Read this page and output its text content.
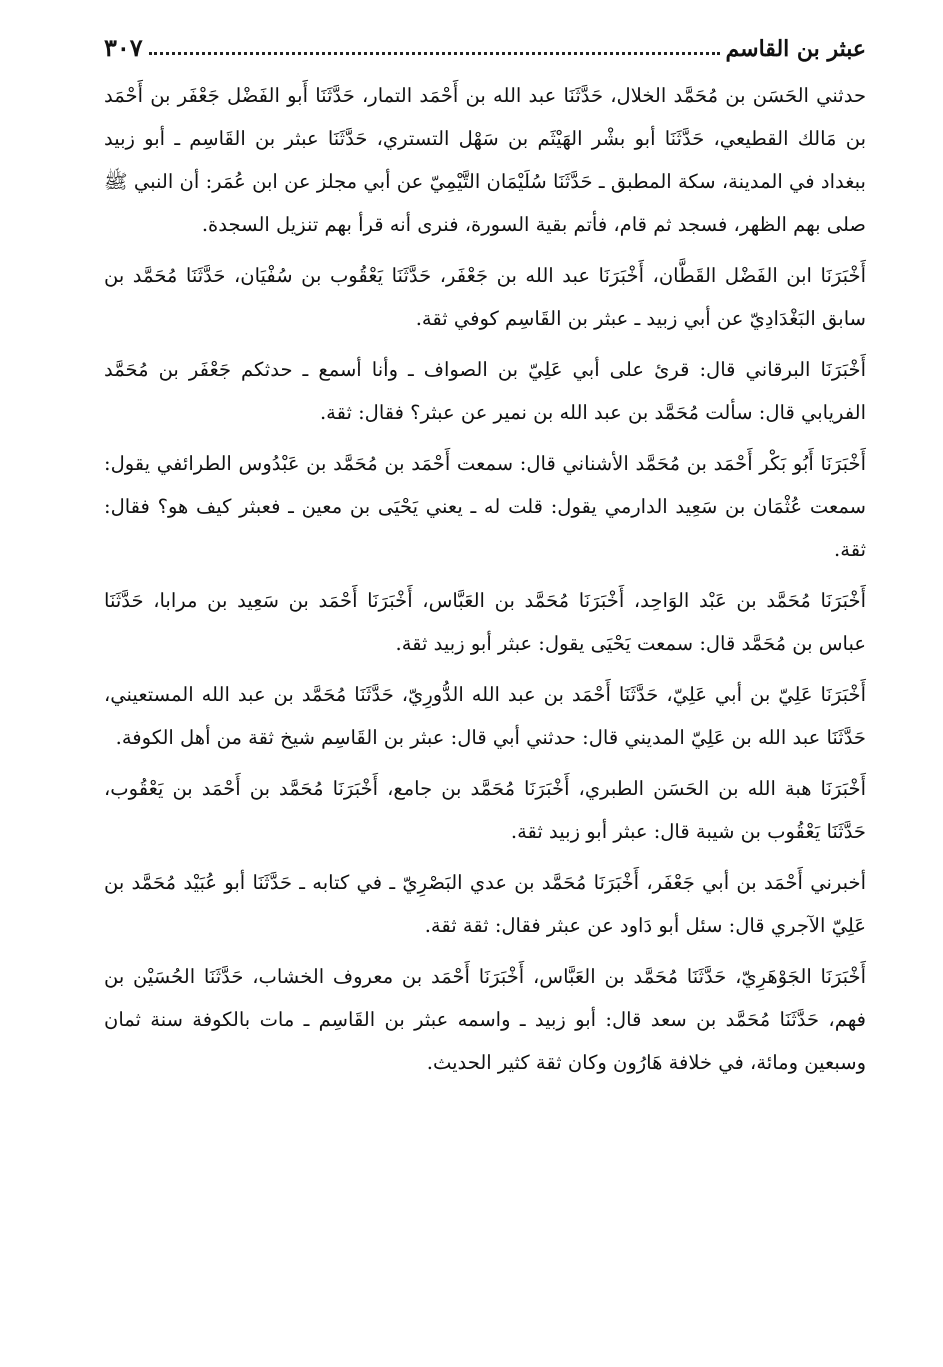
عبثر بن القاسم
٣٠٧

حدثني الحَسَن بن مُحَمَّد الخلال، حَدَّثَنَا عبد الله بن أَحْمَد التمار، حَدَّثَنَا أَبو الفَضْل جَعْفَر بن أَحْمَد بن مَالك القطيعي، حَدَّثَنَا أبو بشْر الهَيْثَم بن سَهْل التستري، حَدَّثَنَا عبثر بن القَاسِم ـ أبو زبيد ببغداد في المدينة، سكة المطبق ـ حَدَّثَنَا سُلَيْمَان التَّيْمِيّ عن أبي مجلز عن ابن عُمَر: أن النبي ﷺ صلى بهم الظهر، فسجد ثم قام، فأتم بقية السورة، فنرى أنه قرأ بهم تنزيل السجدة.

أَخْبَرَنَا ابن الفَضْل القَطَّان، أَخْبَرَنَا عبد الله بن جَعْفَر، حَدَّثَنَا يَعْقُوب بن سُفْيَان، حَدَّثَنَا مُحَمَّد بن سابق البَغْدَادِيّ عن أبي زبيد ـ عبثر بن القَاسِم كوفي ثقة.

أَخْبَرَنَا البرقاني قال: قرئ على أبي عَلِيّ بن الصواف ـ وأنا أسمع ـ حدثكم جَعْفَر بن مُحَمَّد الفريابي قال: سألت مُحَمَّد بن عبد الله بن نمير عن عبثر؟ فقال: ثقة.

أَخْبَرَنَا أَبُو بَكْر أَحْمَد بن مُحَمَّد الأشناني قال: سمعت أَحْمَد بن مُحَمَّد بن عَبْدُوس الطرائفي يقول: سمعت عُثْمَان بن سَعِيد الدارمي يقول: قلت له ـ يعني يَحْيَى بن معين ـ فعبثر كيف هو؟ فقال: ثقة.

أَخْبَرَنَا مُحَمَّد بن عَبْد الوَاحِد، أَخْبَرَنَا مُحَمَّد بن العَبَّاس، أَخْبَرَنَا أَحْمَد بن سَعِيد بن مرابا، حَدَّثَنَا عباس بن مُحَمَّد قال: سمعت يَحْيَى يقول: عبثر أبو زبيد ثقة.

أَخْبَرَنَا عَلِيّ بن أبي عَلِيّ، حَدَّثَنَا أَحْمَد بن عبد الله الدُّورِيّ، حَدَّثَنَا مُحَمَّد بن عبد الله المستعيني، حَدَّثَنَا عبد الله بن عَلِيّ المديني قال: حدثني أبي قال: عبثر بن القَاسِم شيخ ثقة من أهل الكوفة.

أَخْبَرَنَا هبة الله بن الحَسَن الطبري، أَخْبَرَنَا مُحَمَّد بن جامع، أَخْبَرَنَا مُحَمَّد بن أَحْمَد بن يَعْقُوب، حَدَّثَنَا يَعْقُوب بن شيبة قال: عبثر أبو زبيد ثقة.

أخبرني أَحْمَد بن أبي جَعْفَر، أَخْبَرَنَا مُحَمَّد بن عدي البَصْرِيّ ـ في كتابه ـ حَدَّثَنَا أبو عُبَيْد مُحَمَّد بن عَلِيّ الآجري قال: سئل أبو دَاود عن عبثر فقال: ثقة ثقة.

أَخْبَرَنَا الجَوْهَرِيّ، حَدَّثَنَا مُحَمَّد بن العَبَّاس، أَخْبَرَنَا أَحْمَد بن معروف الخشاب، حَدَّثَنَا الحُسَيْن بن فهم، حَدَّثَنَا مُحَمَّد بن سعد قال: أبو زبيد ـ واسمه عبثر بن القَاسِم ـ مات بالكوفة سنة ثمان وسبعين ومائة، في خلافة هَارُون وكان ثقة كثير الحديث.
